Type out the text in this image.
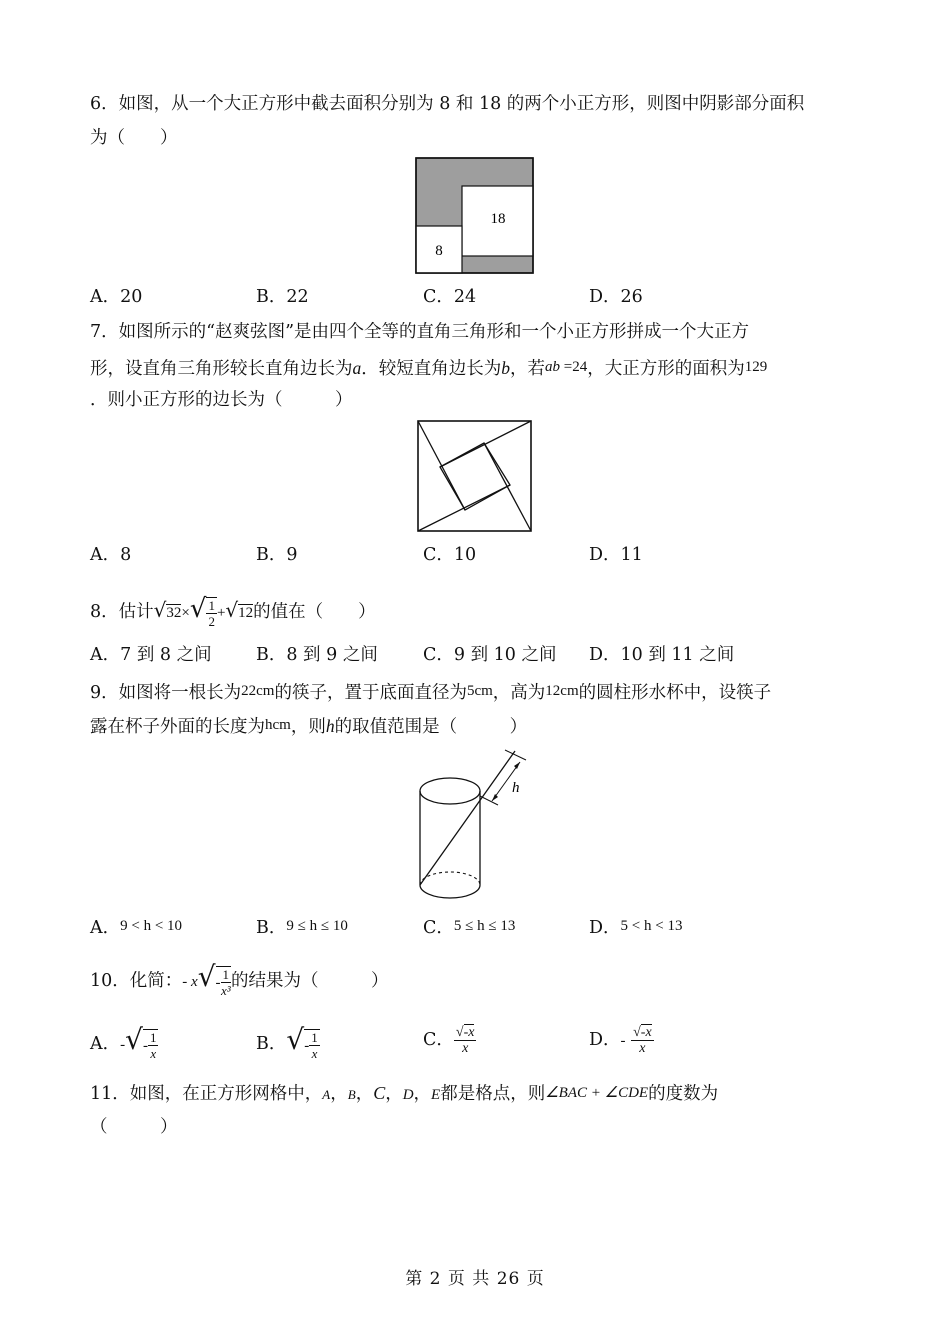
6．如图，从一个大正方形中截去面积分别为 8 和 18 的两个小正方形，则图中阴影部分面积
为（　　）
18
8
A．20	B．22	C．24	D．26
7．如图所示的“赵爽弦图”是由四个全等的直角三角形和一个小正方形拼成一个大正方
形，设直角三角形较长直角边长为a．较短直角边长为b，若ab =24，大正方形的面积为129
．则小正方形的边长为（　　　）
A．8	B．9	C．10	D．11
8．估计$√32\times√ \frac{1}{2} +√12$的值在（　　）
A．7 到 8 之间	B．8 到 9 之间	C．9 到 10 之间 D．10 到 11 之间
9．如图将一根长为22cm的筷子，置于底面直径为5cm，高为12cm的圆柱形水杯中，设筷子
露在杯子外面的长度为hcm，则h的取值范围是（　　　）
h
A．9 < h < 10	B．9 ≤ h ≤ 10	C．5 ≤ h ≤ 13	D．5 < h < 13
10．化简：- $x√- \frac{1}{\text{x³}}$ 的结果为（　　　）
A．-√- $\frac{1}{x}$	B．√- $\frac{1}{x}$	C． $\frac{√-x}{x}$	D．- $\frac{√-x}{x}$
11．如图，在正方形网格中，A，B，C，D，E都是格点，则∠BAC + ∠CDE的度数为
（　　　）
第 2 页 共 26 页
